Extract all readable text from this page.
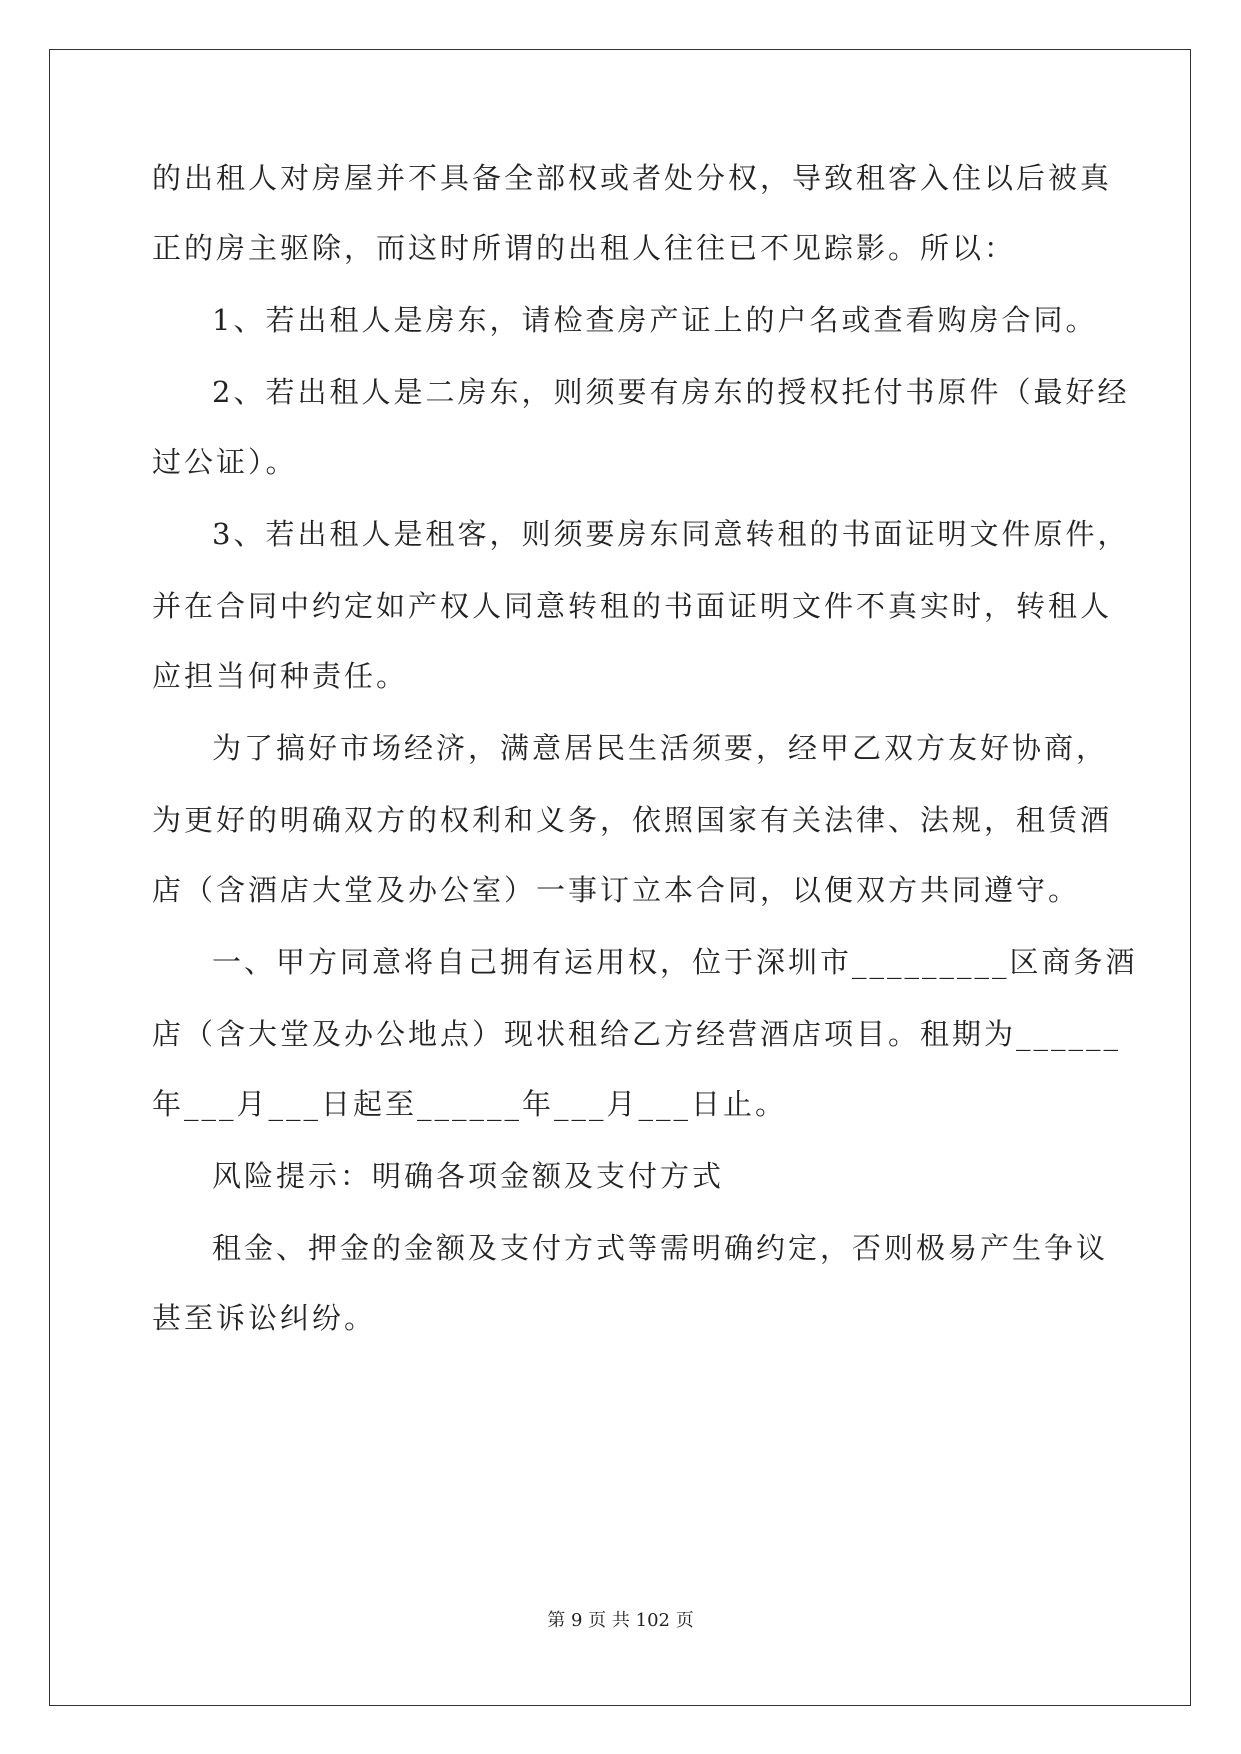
的出租人对房屋并不具备全部权或者处分权，导致租客入住以后被真
正的房主驱除，而这时所谓的出租人往往已不见踪影。所以：
1、若出租人是房东，请检查房产证上的户名或查看购房合同。
2、若出租人是二房东，则须要有房东的授权托付书原件（最好经
过公证）。
3、若出租人是租客，则须要房东同意转租的书面证明文件原件，
并在合同中约定如产权人同意转租的书面证明文件不真实时，转租人
应担当何种责任。
为了搞好市场经济，满意居民生活须要，经甲乙双方友好协商，
为更好的明确双方的权利和义务，依照国家有关法律、法规，租赁酒
店（含酒店大堂及办公室）一事订立本合同，以便双方共同遵守。
一、甲方同意将自己拥有运用权，位于深圳市_________区商务酒
店（含大堂及办公地点）现状租给乙方经营酒店项目。租期为______
年___月___日起至______年___月___日止。
风险提示：明确各项金额及支付方式
租金、押金的金额及支付方式等需明确约定，否则极易产生争议
甚至诉讼纠纷。
第 9 页 共 102 页
